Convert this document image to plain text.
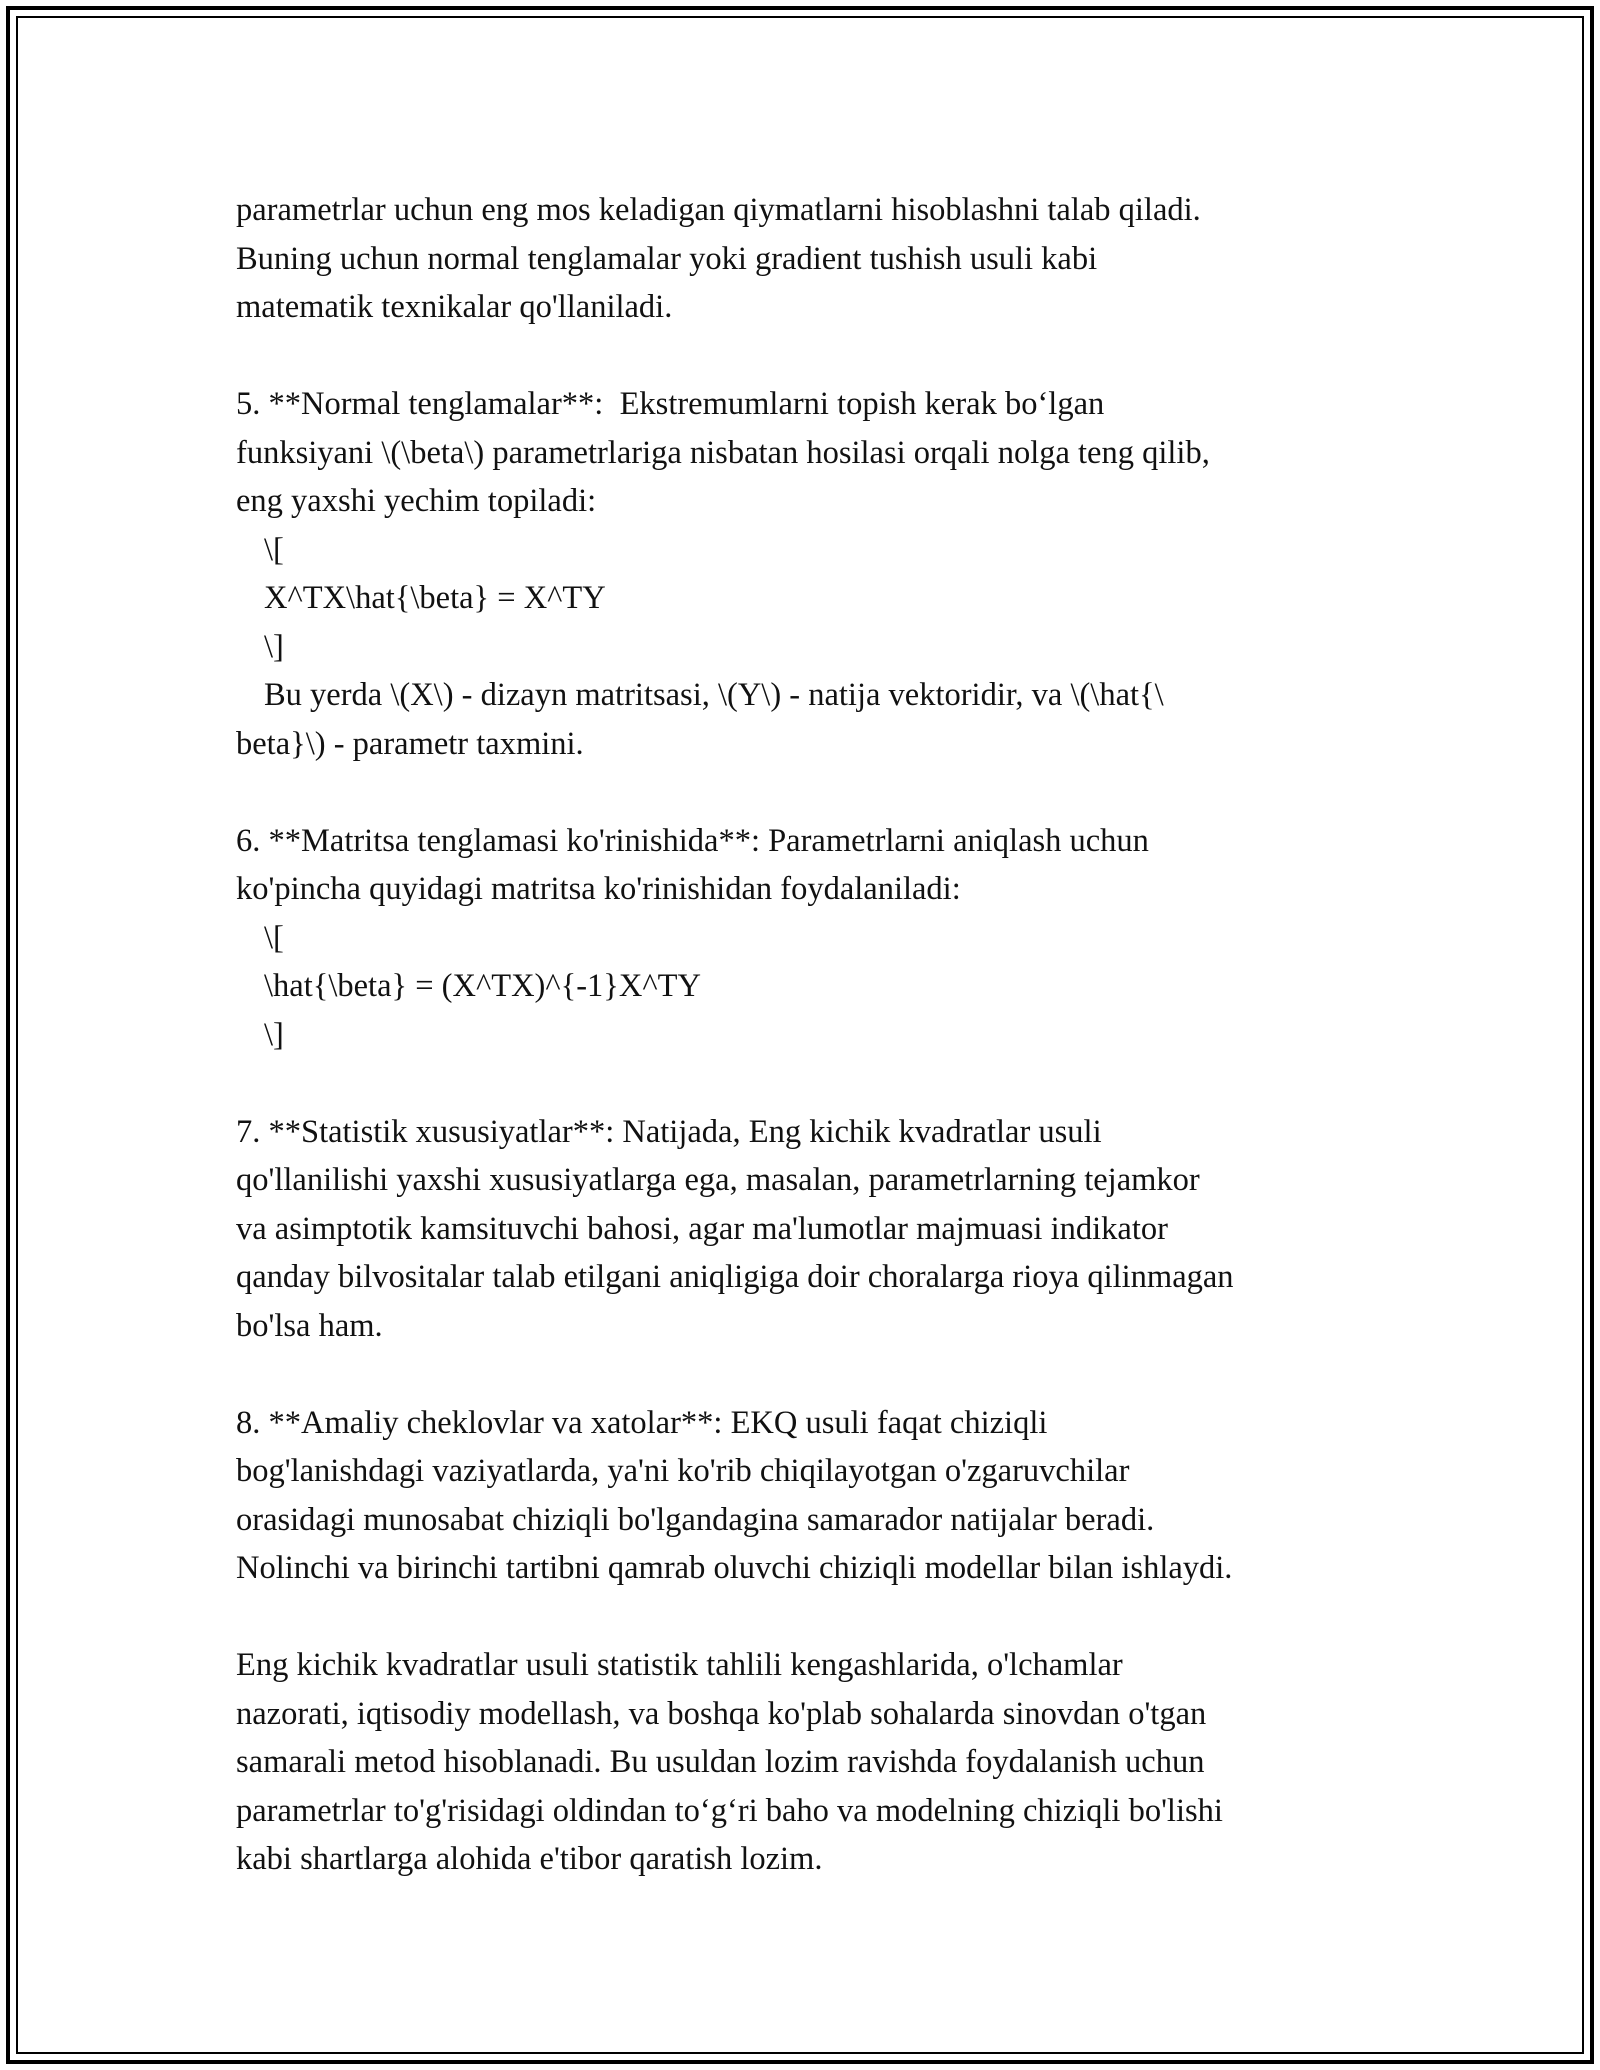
parametrlar uchun eng mos keladigan qiymatlarni hisoblashni talab qiladi.
Buning uchun normal tenglamalar yoki gradient tushish usuli kabi
matematik texnikalar qo'llaniladi.
5. **Normal tenglamalar**:  Ekstremumlarni topish kerak bo‘lgan
funksiyani \(\beta\) parametrlariga nisbatan hosilasi orqali nolga teng qilib,
eng yaxshi yechim topiladi:
\[
X^TX\hat{\beta} = X^TY
\]
Bu yerda \(X\) - dizayn matritsasi, \(Y\) - natija vektoridir, va \(\hat{\
beta}\) - parametr taxmini.
6. **Matritsa tenglamasi ko'rinishida**: Parametrlarni aniqlash uchun
ko'pincha quyidagi matritsa ko'rinishidan foydalaniladi:
\[
\hat{\beta} = (X^TX)^{-1}X^TY
\]
7. **Statistik xususiyatlar**: Natijada, Eng kichik kvadratlar usuli
qo'llanilishi yaxshi xususiyatlarga ega, masalan, parametrlarning tejamkor
va asimptotik kamsituvchi bahosi, agar ma'lumotlar majmuasi indikator
qanday bilvositalar talab etilgani aniqligiga doir choralarga rioya qilinmagan
bo'lsa ham.
8. **Amaliy cheklovlar va xatolar**: EKQ usuli faqat chiziqli
bog'lanishdagi vaziyatlarda, ya'ni ko'rib chiqilayotgan o'zgaruvchilar
orasidagi munosabat chiziqli bo'lgandagina samarador natijalar beradi.
Nolinchi va birinchi tartibni qamrab oluvchi chiziqli modellar bilan ishlaydi.
Eng kichik kvadratlar usuli statistik tahlili kengashlarida, o'lchamlar
nazorati, iqtisodiy modellash, va boshqa ko'plab sohalarda sinovdan o'tgan
samarali metod hisoblanadi. Bu usuldan lozim ravishda foydalanish uchun
parametrlar to'g'risidagi oldindan to‘g‘ri baho va modelning chiziqli bo'lishi
kabi shartlarga alohida e'tibor qaratish lozim.
